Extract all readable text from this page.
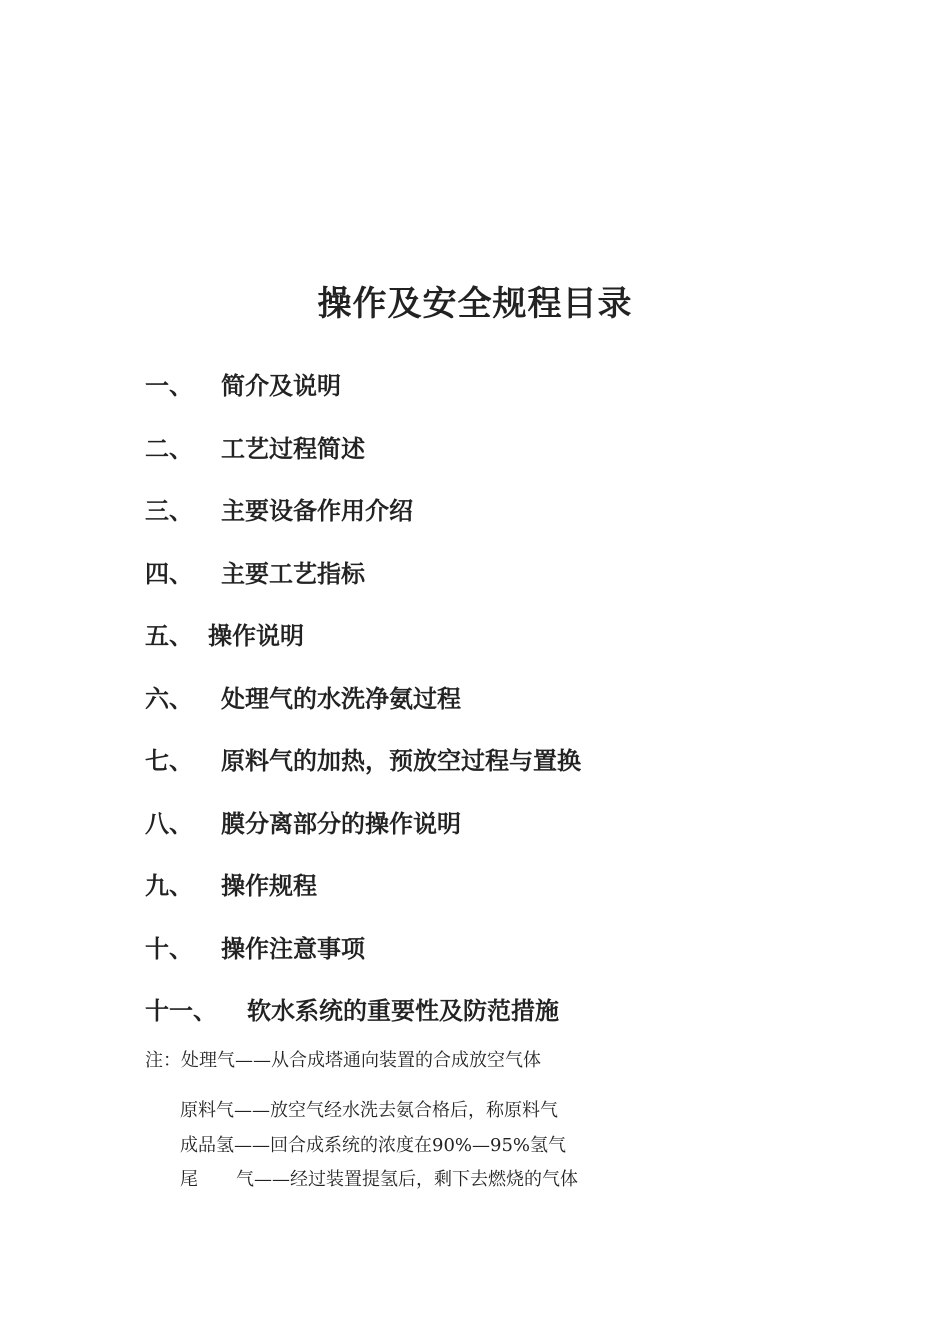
操作及安全规程目录
一、 简介及说明
二、 工艺过程简述
三、 主要设备作用介绍
四、 主要工艺指标
五、 操作说明
六、 处理气的水洗净氨过程
七、 原料气的加热，预放空过程与置换
八、 膜分离部分的操作说明
九、 操作规程
十、 操作注意事项
十一、 软水系统的重要性及防范措施
注：处理气——从合成塔通向装置的合成放空气体
原料气——放空气经水洗去氨合格后，称原料气
成品氢——回合成系统的浓度在90%—95%氢气
尾 气——经过装置提氢后，剩下去燃烧的气体
